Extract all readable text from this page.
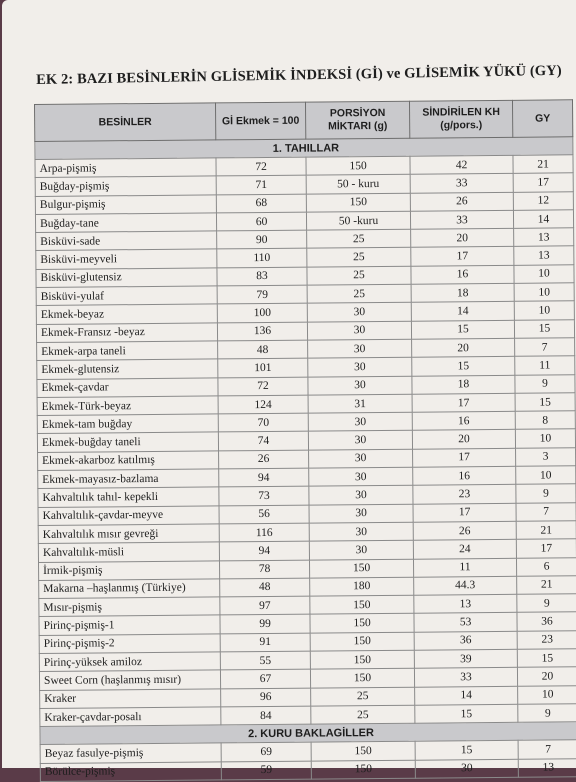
EK 2: BAZI BESİNLERİN GLİSEMİK İNDEKSİ (Gİ) ve GLİSEMİK YÜKÜ (GY)
BESİNLER	Gİ Ekmek = 100	PORSİYON MİKTARI (g)	SİNDİRİLEN KH (g/pors.)	GY
1. TAHILLAR				
Arpa-pişmiş	72	150	42	21
Buğday-pişmiş	71	50 - kuru	33	17
Bulgur-pişmiş	68	150	26	12
Buğday-tane	60	50 -kuru	33	14
Bisküvi-sade	90	25	20	13
Bisküvi-meyveli	110	25	17	13
Bisküvi-glutensiz	83	25	16	10
Bisküvi-yulaf	79	25	18	10
Ekmek-beyaz	100	30	14	10
Ekmek-Fransız -beyaz	136	30	15	15
Ekmek-arpa taneli	48	30	20	7
Ekmek-glutensiz	101	30	15	11
Ekmek-çavdar	72	30	18	9
Ekmek-Türk-beyaz	124	31	17	15
Ekmek-tam buğday	70	30	16	8
Ekmek-buğday taneli	74	30	20	10
Ekmek-akarboz katılmış	26	30	17	3
Ekmek-mayasız-bazlama	94	30	16	10
Kahvaltılık tahıl- kepekli	73	30	23	9
Kahvaltılık-çavdar-meyve	56	30	17	7
Kahvaltılık mısır gevreği	116	30	26	21
Kahvaltılık-müsli	94	30	24	17
İrmik-pişmiş	78	150	11	6
Makarna –haşlanmış (Türkiye)	48	180	44.3	21
Mısır-pişmiş	97	150	13	9
Pirinç-pişmiş-1	99	150	53	36
Pirinç-pişmiş-2	91	150	36	23
Pirinç-yüksek amiloz	55	150	39	15
Sweet Corn (haşlanmış mısır)	67	150	33	20
Kraker	96	25	14	10
Kraker-çavdar-posalı	84	25	15	9
2. KURU BAKLAGİLLER				
Beyaz fasulye-pişmiş	69	150	15	7
Börülce-pişmiş	59	150	30	13
